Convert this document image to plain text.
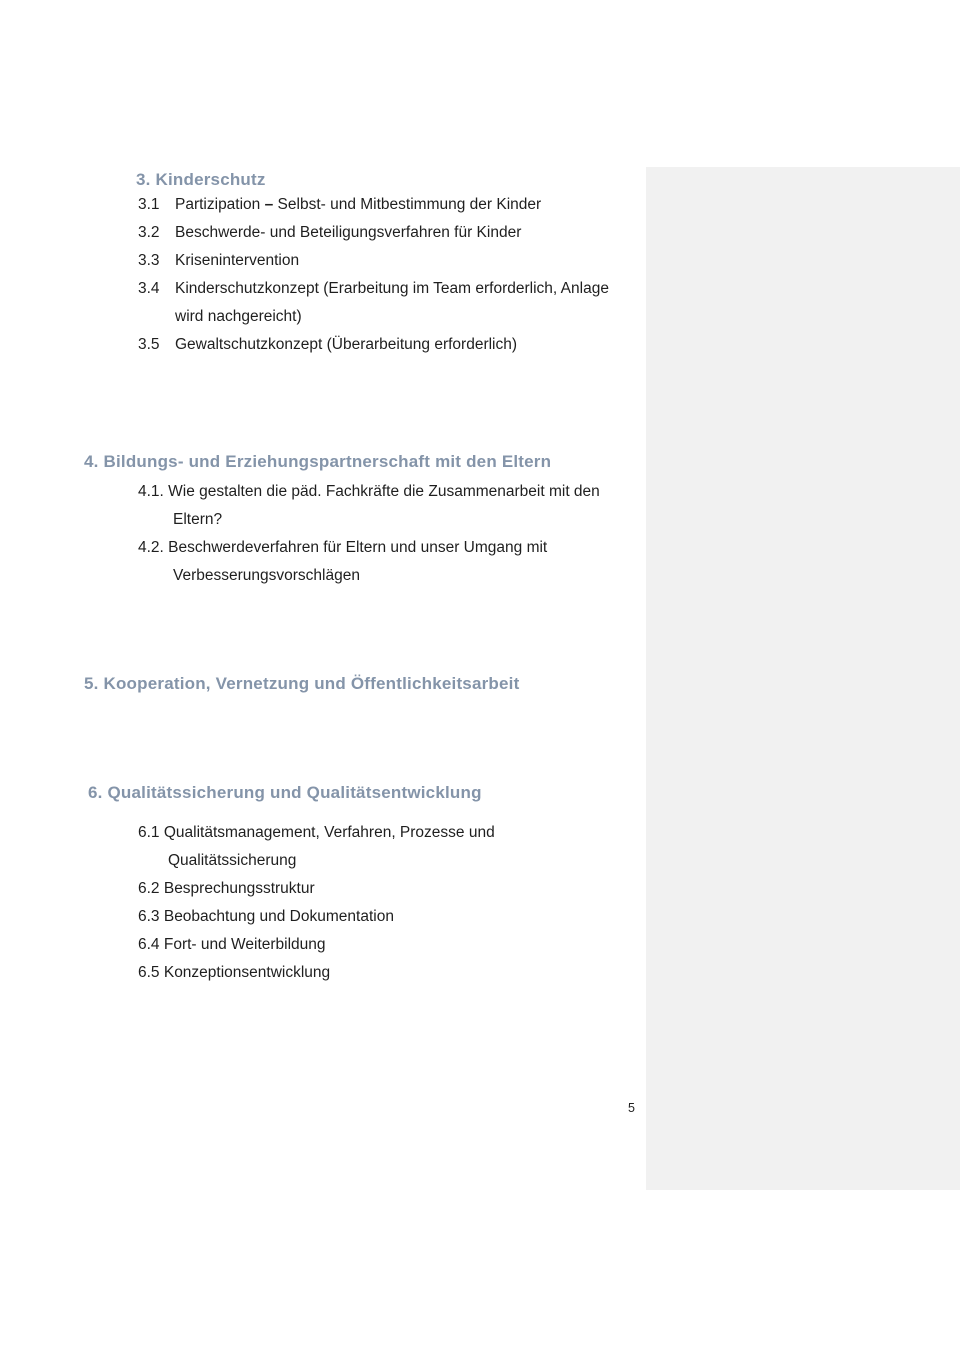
3. Kinderschutz
3.1 Partizipation – Selbst- und Mitbestimmung der Kinder
3.2 Beschwerde- und Beteiligungsverfahren für Kinder
3.3 Krisenintervention
3.4 Kinderschutzkonzept (Erarbeitung im Team erforderlich, Anlage
wird nachgereicht)
3.5 Gewaltschutzkonzept (Überarbeitung erforderlich)
4. Bildungs- und Erziehungspartnerschaft mit den Eltern
4.1. Wie gestalten die päd. Fachkräfte die Zusammenarbeit mit den
Eltern?
4.2. Beschwerdeverfahren für Eltern und unser Umgang mit
Verbesserungsvorschlägen
5. Kooperation, Vernetzung und Öffentlichkeitsarbeit
6. Qualitätssicherung und Qualitätsentwicklung
6.1 Qualitätsmanagement, Verfahren, Prozesse und
Qualitätssicherung
6.2 Besprechungsstruktur
6.3 Beobachtung und Dokumentation
6.4 Fort- und Weiterbildung
6.5 Konzeptionsentwicklung
5
